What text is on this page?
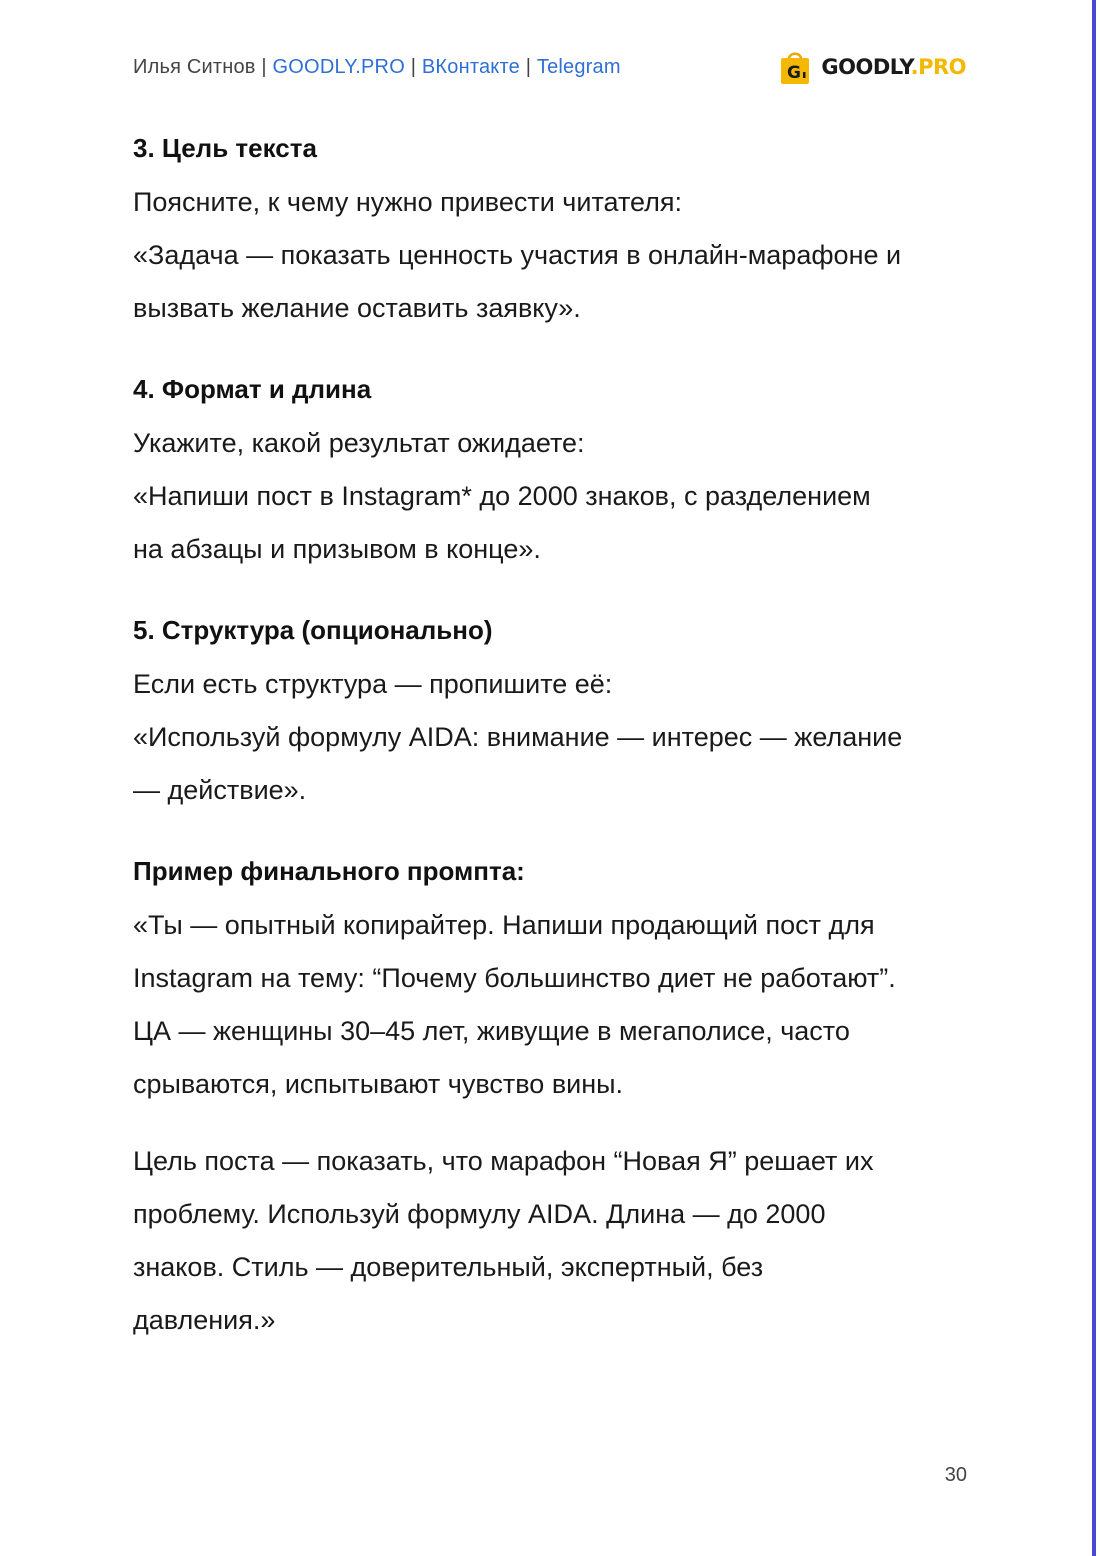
Илья Ситнов | GOODLY.PRO | ВКонтакте | Telegram	G GOODLY.PRO

3. Цель текста

Поясните, к чему нужно привести читателя:

«Задача — показать ценность участия в онлайн-марафоне и

вызвать желание оставить заявку».

4. Формат и длина

Укажите, какой результат ожидаете:

«Напиши пост в Instagram* до 2000 знаков, с разделением

на абзацы и призывом в конце».

5. Структура (опционально)

Если есть структура — пропишите её:

«Используй формулу AIDA: внимание — интерес — желание

— действие».

Пример финального промпта:

«Ты — опытный копирайтер. Напиши продающий пост для

Instagram на тему: “Почему большинство диет не работают”.

ЦА — женщины 30–45 лет, живущие в мегаполисе, часто

срываются, испытывают чувство вины.

Цель поста — показать, что марафон “Новая Я” решает их

проблему. Используй формулу AIDA. Длина — до 2000

знаков. Стиль — доверительный, экспертный, без

давления.»

30
